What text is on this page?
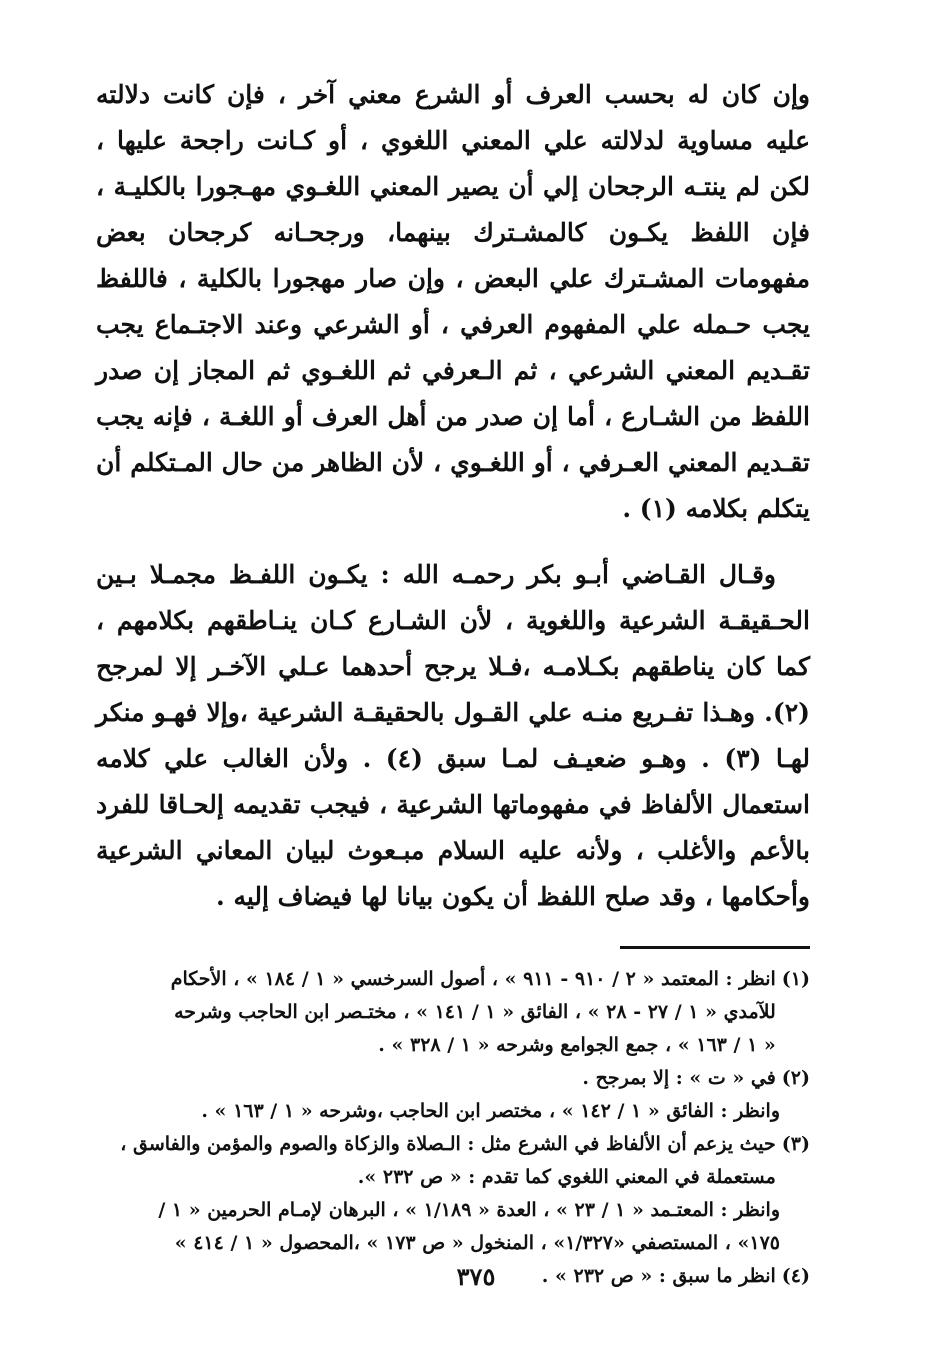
وإن كان له بحسب العرف أو الشرع معني آخر ، فإن كانت دلالته عليه مساوية لدلالته علي المعني اللغوي ، أو كـانت راجحة عليها ، لكن لم ينتـه الرجحان إلي أن يصير المعني اللغـوي مهـجورا بالكليـة ، فإن اللفظ يكـون كالمشـترك بينهما، ورجحـانه كرجحان بعض مفهومات المشـترك علي البعض ، وإن صار مهجورا بالكلية ، فاللفظ يجب حـمله علي المفهوم العرفي ، أو الشرعي وعند الاجتـماع يجب تقـديم المعني الشرعي ، ثم الـعرفي ثم اللغـوي ثم المجاز إن صدر اللفظ من الشـارع ، أما إن صدر من أهل العرف أو اللغـة ، فإنه يجب تقـديم المعني العـرفي ، أو اللغـوي ، لأن الظاهر من حال المـتكلم أن يتكلم بكلامه (١) .

وقـال القـاضي أبـو بكر رحمـه الله : يكـون اللفـظ مجمـلا بـين الحـقيقـة الشرعية واللغوية ، لأن الشـارع كـان ينـاطقهم بكلامهم ، كما كان يناطقهم بكـلامـه ،فـلا يرجح أحدهما عـلي الآخـر إلا لمرجح (٢). وهـذا تفـريع منـه علي القـول بالحقيقـة الشرعية ،وإلا فهـو منكر لهـا (٣) . وهـو ضعيـف لمـا سبق (٤) . ولأن الغالب علي كلامه استعمال الألفاظ في مفهوماتها الشرعية ، فيجب تقديمه إلحـاقا للفرد بالأعم والأغلب ، ولأنه عليه السلام مبـعوث لبيان المعاني الشرعية وأحكامها ، وقد صلح اللفظ أن يكون بيانا لها فيضاف إليه .

(١)
انظر : المعتمد « ٢ / ٩١٠ - ٩١١ » ، أصول السرخسي « ١ / ١٨٤ » ، الأحكام
للآمدي « ١ / ٢٧ - ٢٨ » ، الفائق « ١ / ١٤١ » ، مختـصر ابن الحاجب وشرحه
« ١ / ١٦٣ » ، جمع الجوامع وشرحه « ١ / ٣٢٨ » .
(٢)
في « ت » : إلا بمرجح .
وانظر : الفائق « ١ / ١٤٢ » ، مختصر ابن الحاجب ،وشرحه « ١ / ١٦٣ » .
(٣)
حيث يزعم أن الألفاظ في الشرع مثل : الـصلاة والزكاة والصوم والمؤمن والفاسق ،
مستعملة في المعني اللغوي كما تقدم : « ص ٢٣٢ ».
وانظر : المعتـمد « ١ / ٢٣ » ، العدة « ١/١٨٩ » ، البرهان لإمـام الحرمين « ١ /
١٧٥» ، المستصفي «١/٣٢٧» ، المنخول « ص ١٧٣ » ،المحصول « ١ / ٤١٤ »
(٤)
انظر ما سبق : « ص ٢٣٢ » .
٣٧٥
